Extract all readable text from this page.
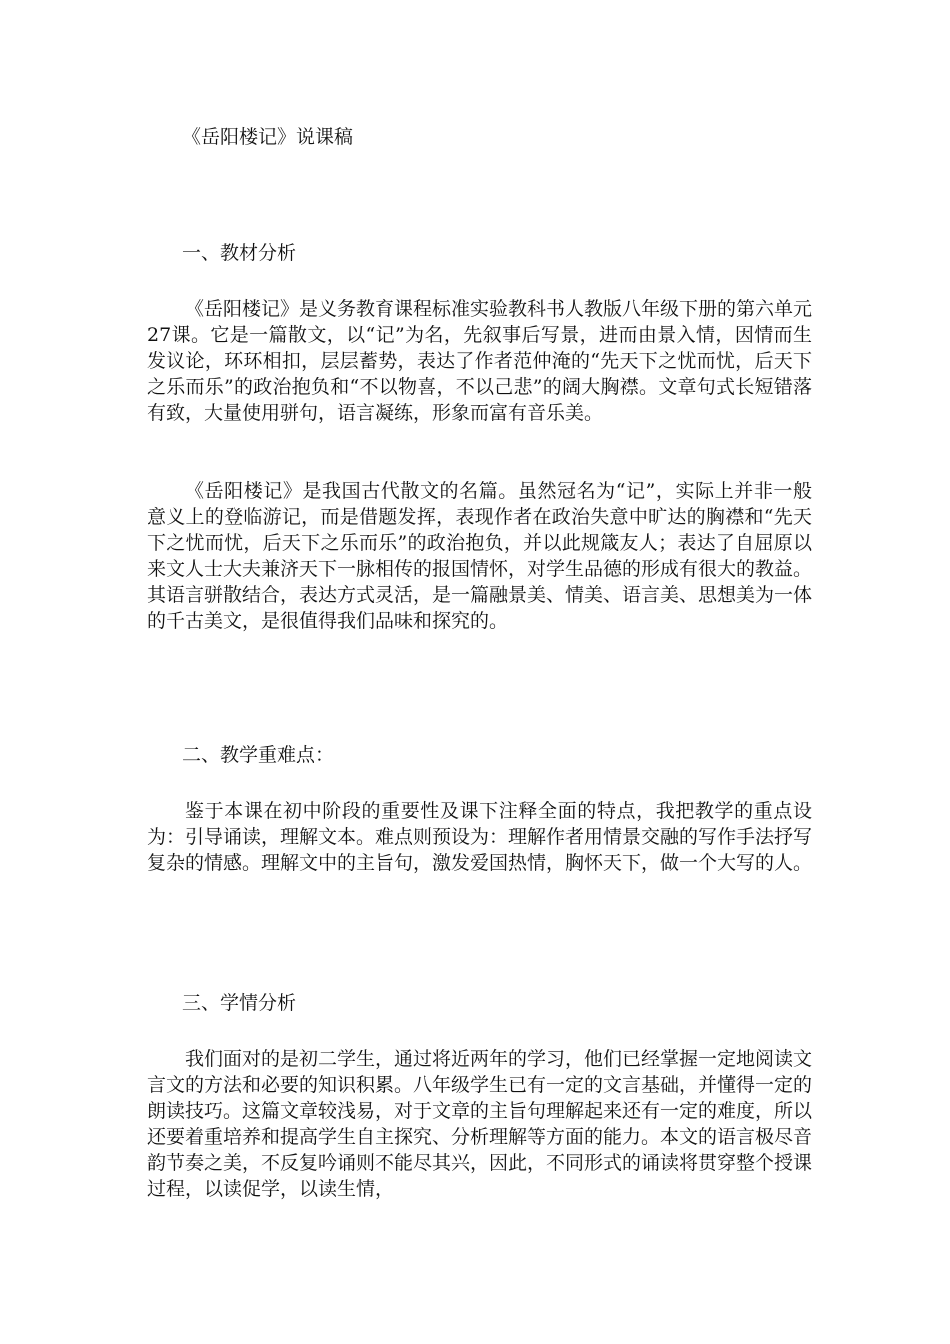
《岳阳楼记》说课稿
一、教材分析

《岳阳楼记》是义务教育课程标准实验教科书人教版八年级下册的第六单元27课。它是一篇散文，以“记”为名，先叙事后写景，进而由景入情，因情而生发议论，环环相扣，层层蓄势，表达了作者范仲淹的“先天下之忧而忧，后天下之乐而乐”的政治抱负和“不以物喜，不以己悲”的阔大胸襟。文章句式长短错落有致，大量使用骈句，语言凝练，形象而富有音乐美。

《岳阳楼记》是我国古代散文的名篇。虽然冠名为“记”，实际上并非一般意义上的登临游记，而是借题发挥，表现作者在政治失意中旷达的胸襟和“先天下之忧而忧，后天下之乐而乐”的政治抱负，并以此规箴友人；表达了自屈原以来文人士大夫兼济天下一脉相传的报国情怀，对学生品德的形成有很大的教益。其语言骈散结合，表达方式灵活，是一篇融景美、情美、语言美、思想美为一体的千古美文，是很值得我们品味和探究的。

二、教学重难点：

鉴于本课在初中阶段的重要性及课下注释全面的特点，我把教学的重点设为：引导诵读，理解文本。难点则预设为：理解作者用情景交融的写作手法抒写复杂的情感。理解文中的主旨句，激发爱国热情，胸怀天下，做一个大写的人。

三、学情分析

我们面对的是初二学生，通过将近两年的学习，他们已经掌握一定地阅读文言文的方法和必要的知识积累。八年级学生已有一定的文言基础，并懂得一定的朗读技巧。这篇文章较浅易，对于文章的主旨句理解起来还有一定的难度，所以还要着重培养和提高学生自主探究、分析理解等方面的能力。本文的语言极尽音韵节奏之美，不反复吟诵则不能尽其兴，因此，不同形式的诵读将贯穿整个授课过程，以读促学，以读生情，
